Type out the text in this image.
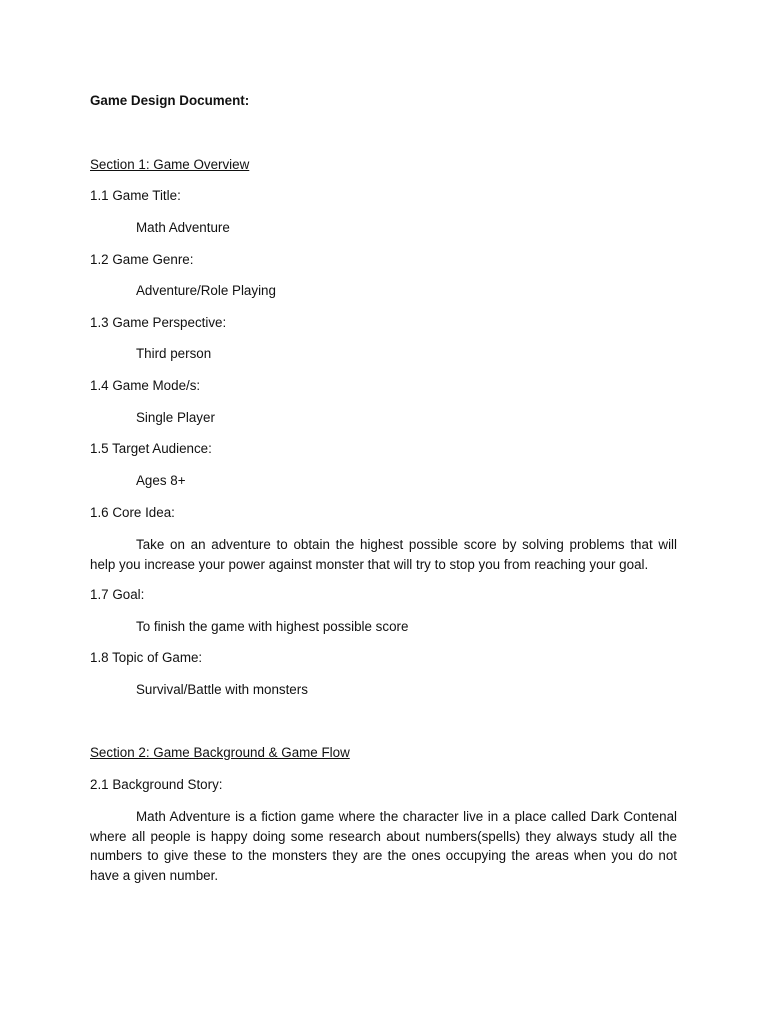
Game Design Document:
Section 1: Game Overview
1.1 Game Title:
Math Adventure
1.2 Game Genre:
Adventure/Role Playing
1.3 Game Perspective:
Third person
1.4 Game Mode/s:
Single Player
1.5 Target Audience:
Ages 8+
1.6 Core Idea:
Take on an adventure to obtain the highest possible score by solving problems that will help you increase your power against monster that will try to stop you from reaching your goal.
1.7 Goal:
To finish the game with highest possible score
1.8 Topic of Game:
Survival/Battle with monsters
Section 2: Game Background & Game Flow
2.1 Background Story:
Math Adventure is a fiction game where the character live in a place called Dark Contenal where all people is happy doing some research about numbers(spells) they always study all the numbers to give these to the monsters they are the ones occupying the areas when you do not have a given number.
